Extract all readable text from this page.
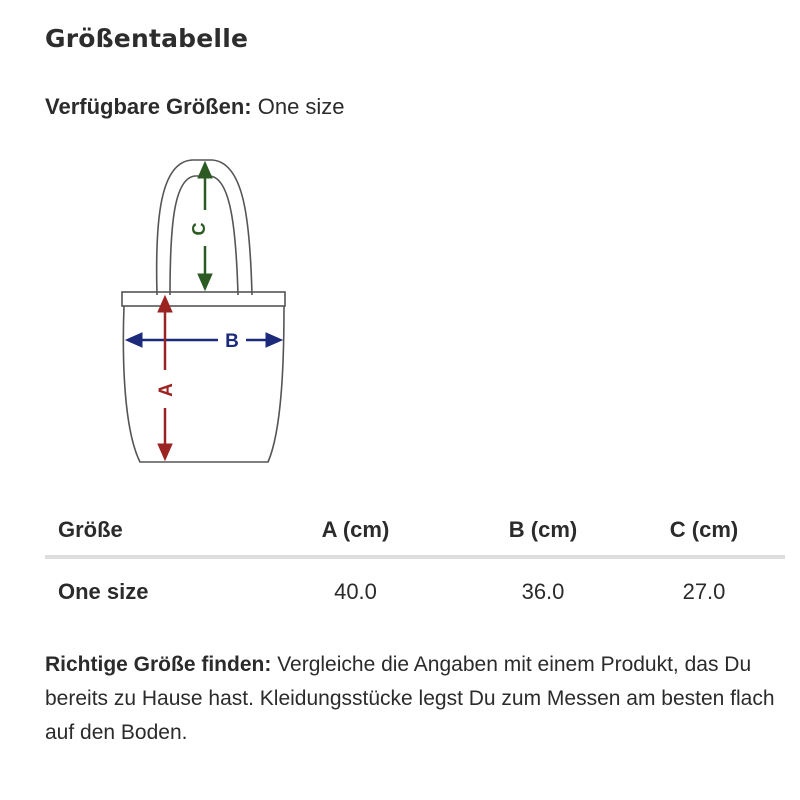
Größentabelle
Verfügbare Größen: One size
C
B
A
Größe	A (cm)	B (cm)	C (cm)
One size	40.0	36.0	27.0
Richtige Größe finden: Vergleiche die Angaben mit einem Produkt, das Du bereits zu Hause hast. Kleidungsstücke legst Du zum Messen am besten flach auf den Boden.
